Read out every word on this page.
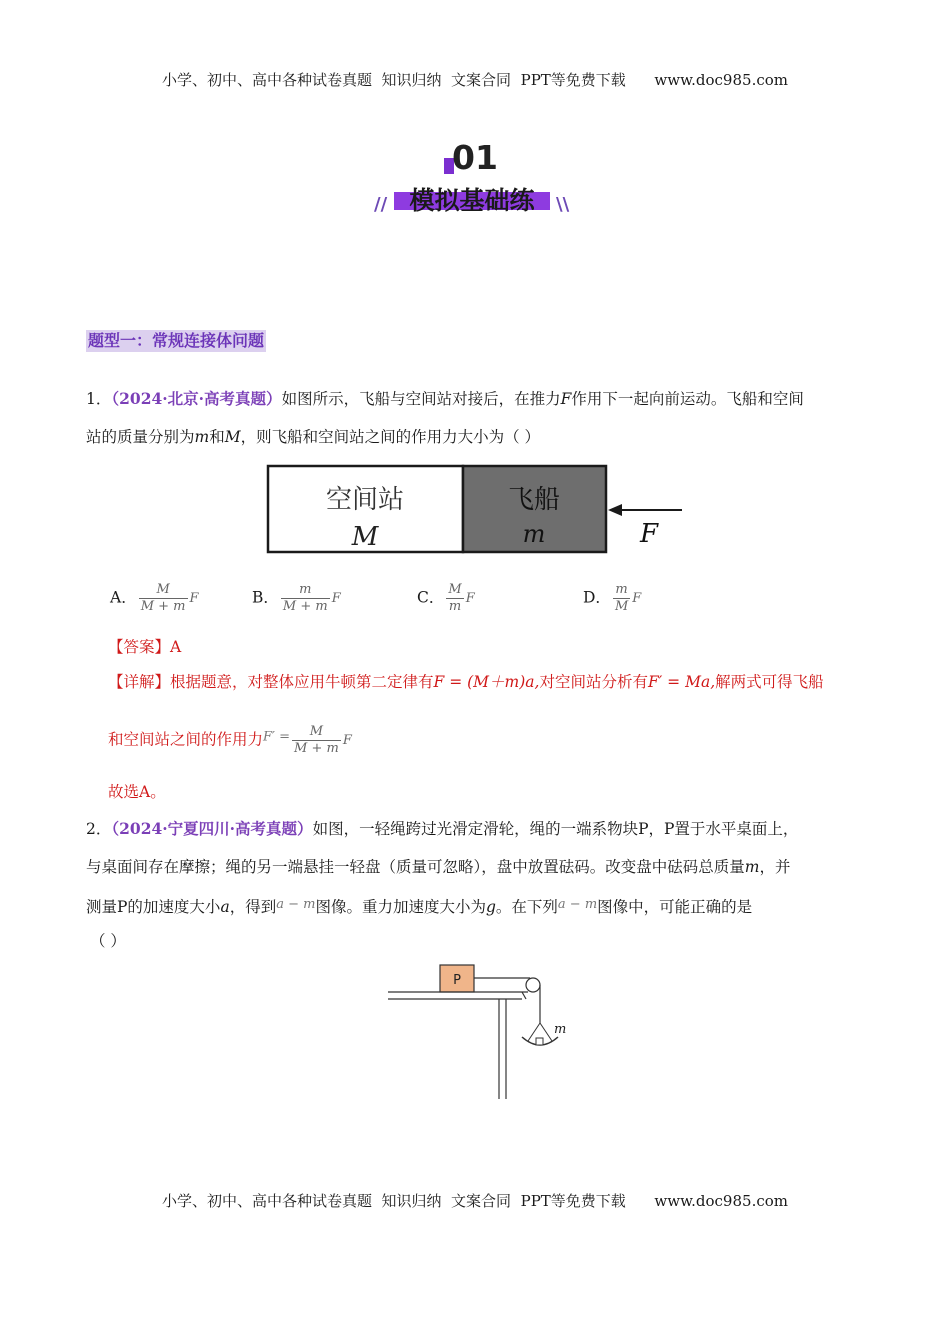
小学、初中、高中各种试卷真题  知识归纳  文案合同  PPT等免费下载      www.doc985.com
01
模拟基础练
//	\\
题型一：常规连接体问题
1．（2024·北京·高考真题）如图所示，飞船与空间站对接后，在推力F作用下一起向前运动。飞船和空间
站的质量分别为m和M，则飞船和空间站之间的作用力大小为（ ）
空间站
M
飞船
m	F
A． $\frac{M}{M + m}$ F	B． $\frac{m}{M + m}$ F	C． $\frac{M}{m}$ F	D． $\frac{m}{M}$ F
【答案】A
【详解】根据题意，对整体应用牛顿第二定律有F = (M＋m)a,对空间站分析有F′ = Ma,解两式可得飞船
和空间站之间的作用力$^{F' =} \frac{M}{M + m}$ F
故选A。
2．（2024·宁夏四川·高考真题）如图，一轻绳跨过光滑定滑轮，绳的一端系物块P，P置于水平桌面上，
与桌面间存在摩擦；绳的另一端悬挂一轻盘（质量可忽略），盘中放置砝码。改变盘中砝码总质量m，并
测量P的加速度大小a，得到$^{a - m}$图像。重力加速度大小为g。在下列$^{a - m}$图像中，可能正确的是
（ ）
P
m
小学、初中、高中各种试卷真题  知识归纳  文案合同  PPT等免费下载      www.doc985.com
